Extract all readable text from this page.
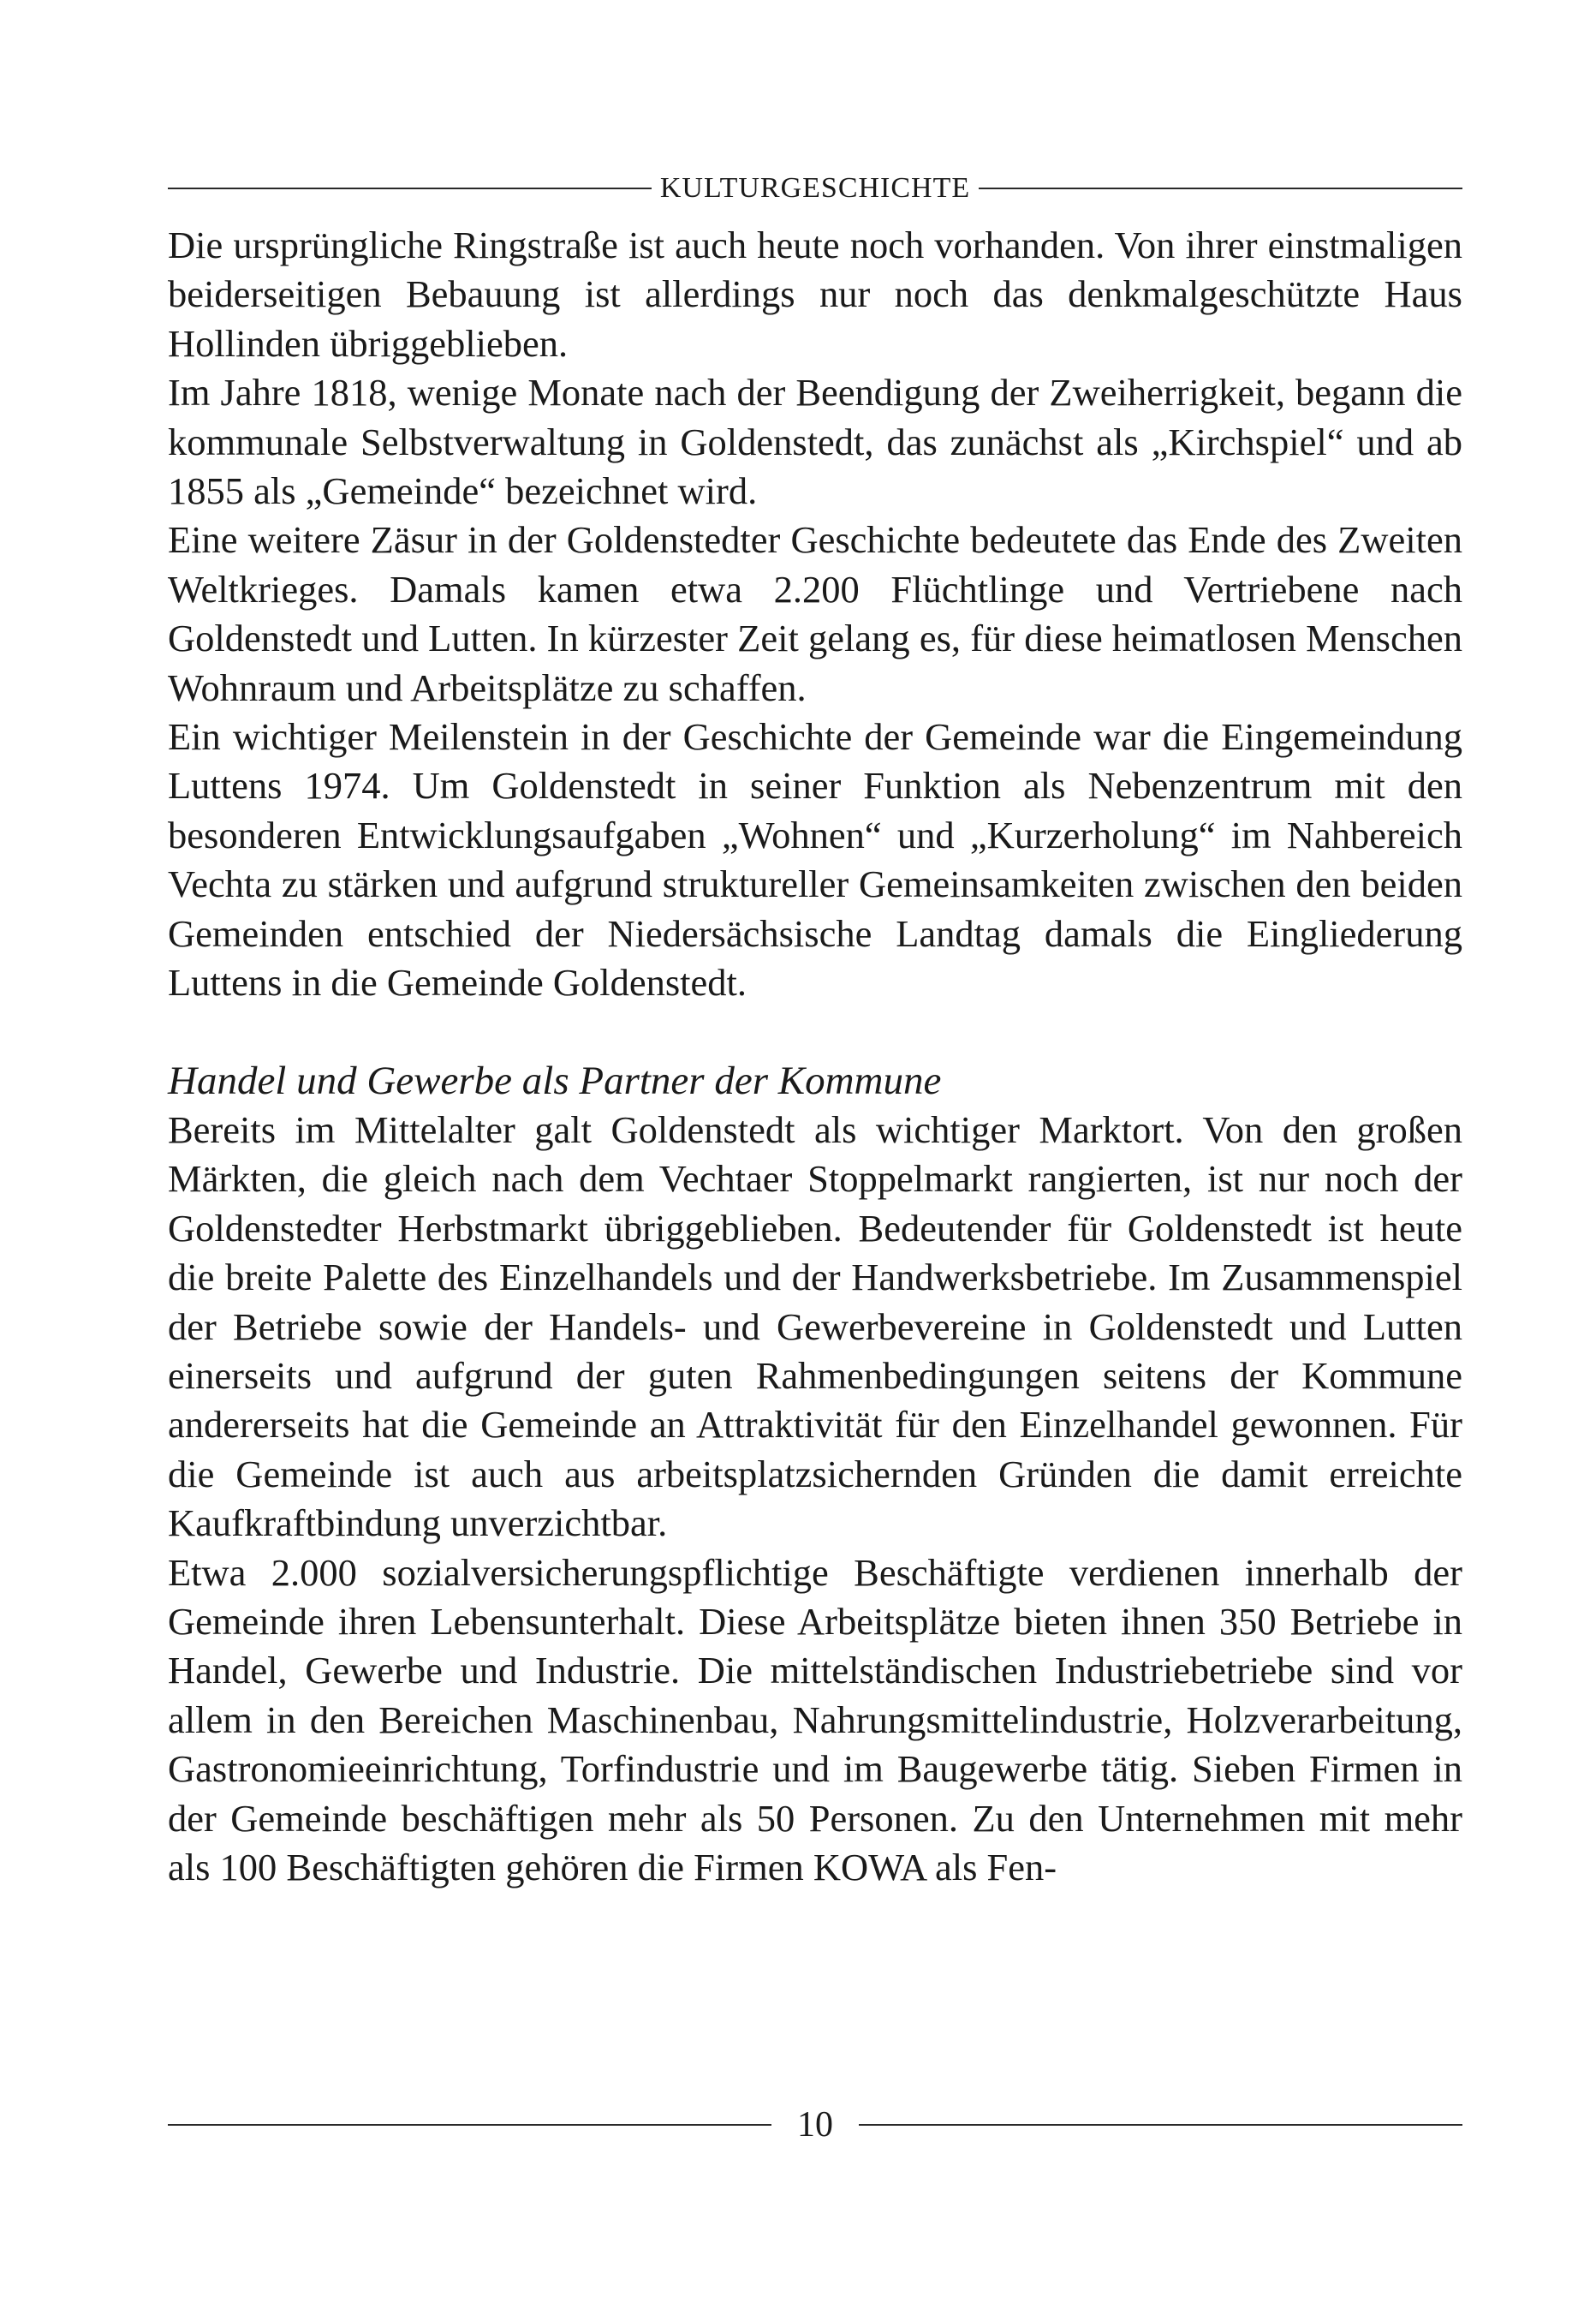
KULTURGESCHICHTE

Die ursprüngliche Ringstraße ist auch heute noch vorhanden. Von ihrer einstmaligen beiderseitigen Bebauung ist allerdings nur noch das denkmalgeschützte Haus Hollinden übriggeblieben.

Im Jahre 1818, wenige Monate nach der Beendigung der Zweiherrigkeit, begann die kommunale Selbstverwaltung in Goldenstedt, das zunächst als „Kirchspiel“ und ab 1855 als „Gemeinde“ bezeichnet wird.

Eine weitere Zäsur in der Goldenstedter Geschichte bedeutete das Ende des Zweiten Weltkrieges. Damals kamen etwa 2.200 Flüchtlinge und Vertriebene nach Goldenstedt und Lutten. In kürzester Zeit gelang es, für diese heimatlosen Menschen Wohnraum und Arbeitsplätze zu schaffen.

Ein wichtiger Meilenstein in der Geschichte der Gemeinde war die Eingemeindung Luttens 1974. Um Goldenstedt in seiner Funktion als Nebenzentrum mit den besonderen Entwicklungsaufgaben „Wohnen“ und „Kurzerholung“ im Nahbereich Vechta zu stärken und aufgrund struktureller Gemeinsamkeiten zwischen den beiden Gemeinden entschied der Niedersächsische Landtag damals die Eingliederung Luttens in die Gemeinde Goldenstedt.

Handel und Gewerbe als Partner der Kommune

Bereits im Mittelalter galt Goldenstedt als wichtiger Marktort. Von den großen Märkten, die gleich nach dem Vechtaer Stoppelmarkt rangierten, ist nur noch der Goldenstedter Herbstmarkt übriggeblieben. Bedeutender für Goldenstedt ist heute die breite Palette des Einzelhandels und der Handwerksbetriebe. Im Zusammenspiel der Betriebe sowie der Handels- und Gewerbevereine in Goldenstedt und Lutten einerseits und aufgrund der guten Rahmenbedingungen seitens der Kommune andererseits hat die Gemeinde an Attraktivität für den Einzelhandel gewonnen. Für die Gemeinde ist auch aus arbeitsplatzsichernden Gründen die damit erreichte Kaufkraftbindung unverzichtbar.

Etwa 2.000 sozialversicherungspflichtige Beschäftigte verdienen innerhalb der Gemeinde ihren Lebensunterhalt. Diese Arbeitsplätze bieten ihnen 350 Betriebe in Handel, Gewerbe und Industrie. Die mittelständischen Industriebetriebe sind vor allem in den Bereichen Maschinenbau, Nahrungsmittelindustrie, Holzverarbeitung, Gastronomieeinrichtung, Torfindustrie und im Baugewerbe tätig. Sieben Firmen in der Gemeinde beschäftigen mehr als 50 Personen. Zu den Unternehmen mit mehr als 100 Beschäftigten gehören die Firmen KOWA als Fen-

10
